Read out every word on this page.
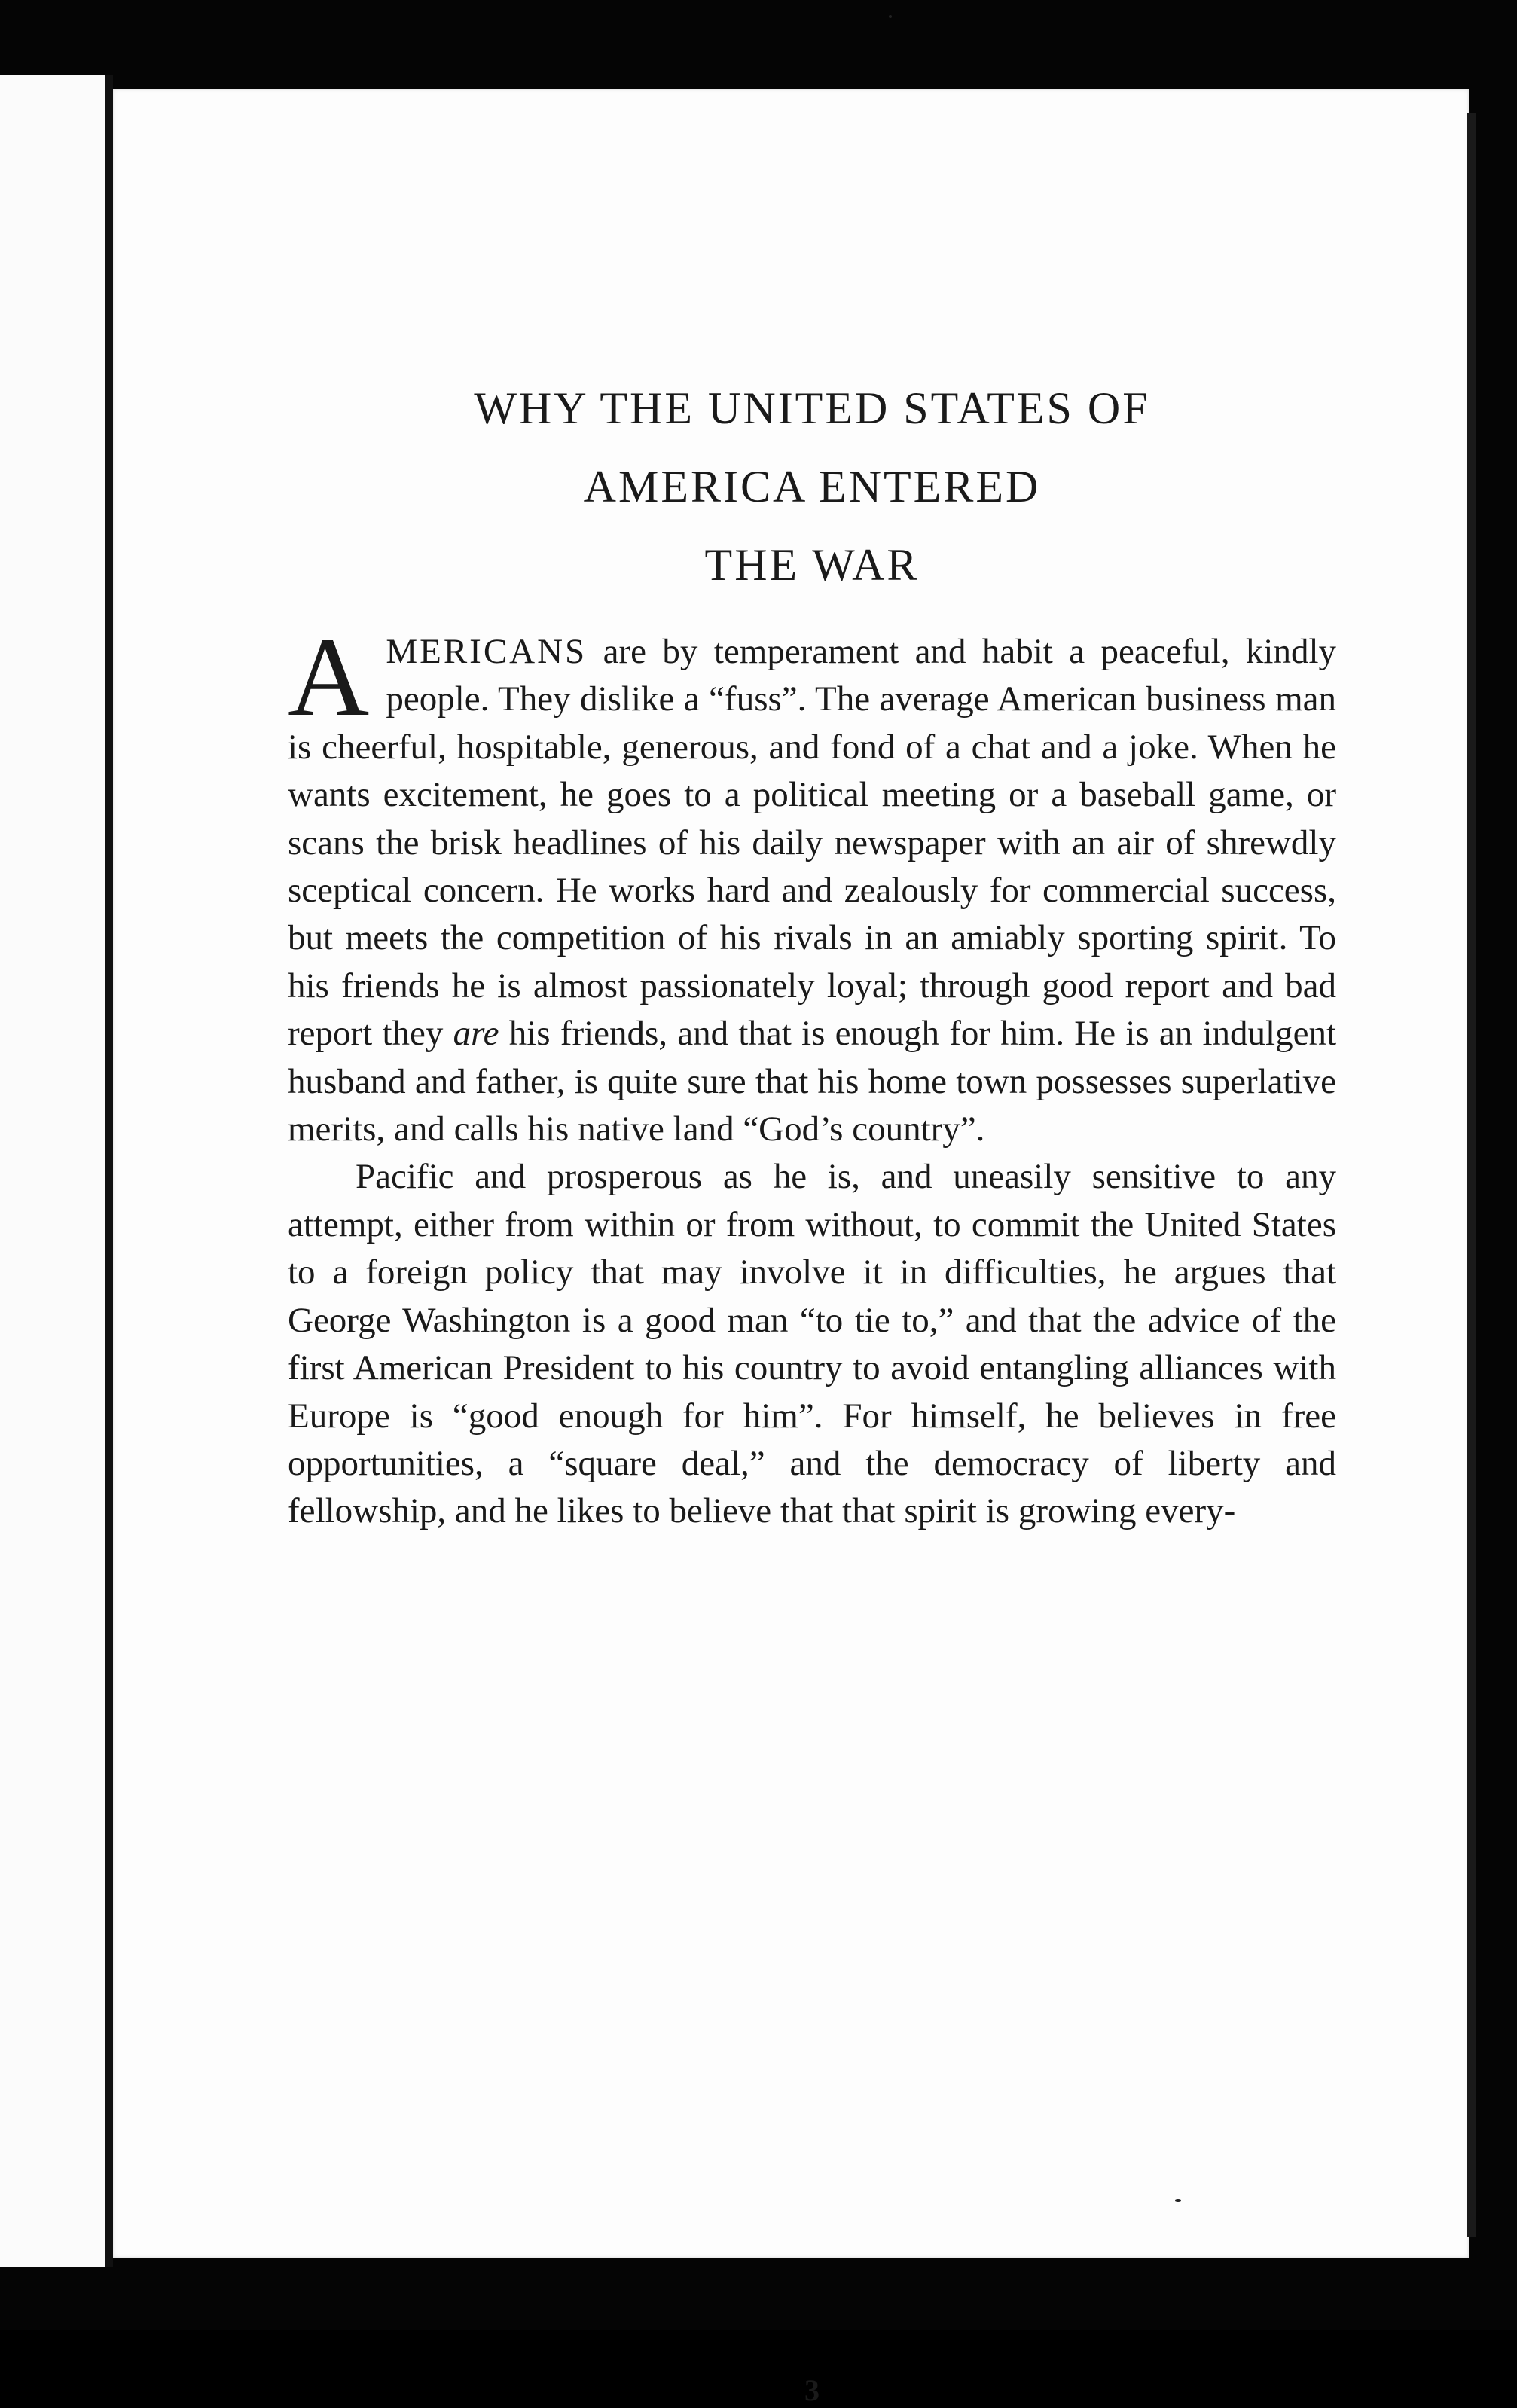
WHY THE UNITED STATES OF
AMERICA ENTERED
THE WAR

AMERICANS are by temperament and habit a peaceful, kindly people. They dislike a “fuss”. The average American business man is cheerful, hospitable, generous, and fond of a chat and a joke. When he wants excitement, he goes to a political meeting or a baseball game, or scans the brisk headlines of his daily newspaper with an air of shrewdly sceptical concern. He works hard and zealously for commercial success, but meets the competition of his rivals in an amiably sporting spirit. To his friends he is almost passionately loyal; through good report and bad report they are his friends, and that is enough for him. He is an indulgent husband and father, is quite sure that his home town possesses superlative merits, and calls his native land “God’s country”.

Pacific and prosperous as he is, and uneasily sensitive to any attempt, either from within or from without, to commit the United States to a foreign policy that may involve it in difficulties, he argues that George Washington is a good man “to tie to,” and that the advice of the first American President to his country to avoid entangling alliances with Europe is “good enough for him”. For himself, he believes in free opportunities, a “square deal,” and the democracy of liberty and fellowship, and he likes to believe that that spirit is growing every-

3
